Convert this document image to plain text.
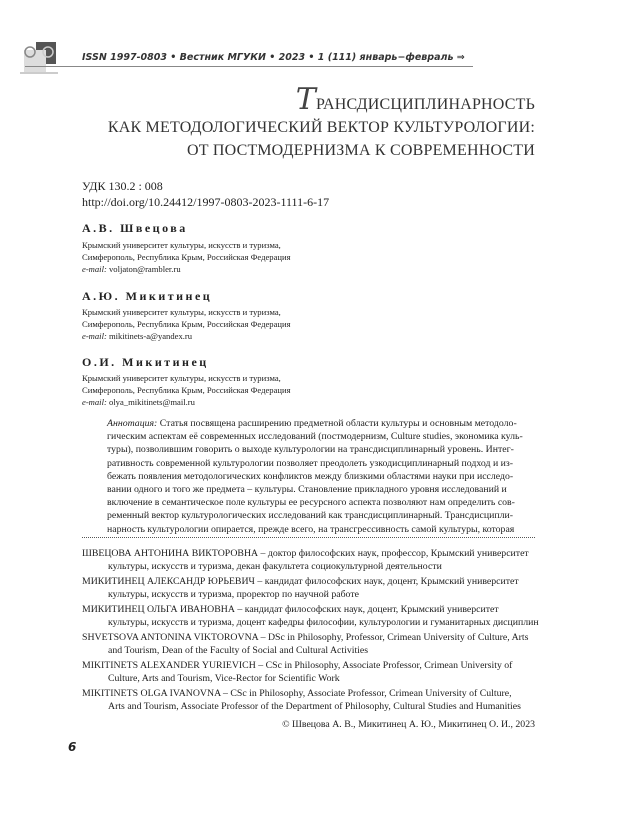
ISSN 1997-0803 • Вестник МГУКИ • 2023 • 1 (111) январь−февраль ⇒
ТРАНСДИСЦИПЛИНАРНОСТЬ
КАК МЕТОДОЛОГИЧЕСКИЙ ВЕКТОР КУЛЬТУРОЛОГИИ:
ОТ ПОСТМОДЕРНИЗМА К СОВРЕМЕННОСТИ
УДК 130.2 : 008
http://doi.org/10.24412/1997-0803-2023-1111-6-17
А.В. Швецова
Крымский университет культуры, искусств и туризма,
Симферополь, Республика Крым, Российская Федерация
e-mail: voljaton@rambler.ru
А.Ю. Микитинец
Крымский университет культуры, искусств и туризма,
Симферополь, Республика Крым, Российская Федерация
e-mail: mikitinets-a@yandex.ru
О.И. Микитинец
Крымский университет культуры, искусств и туризма,
Симферополь, Республика Крым, Российская Федерация
e-mail: olya_mikitinets@mail.ru
Аннотация: Статья посвящена расширению предметной области культуры и основным методоло-
гическим аспектам её современных исследований (постмодернизм, Culture studies, экономика куль-
туры), позволившим говорить о выходе культурологии на трансдисциплинарный уровень. Интег-
ративность современной культурологии позволяет преодолеть узкодисциплинарный подход и из-
бежать появления методологических конфликтов между близкими областями науки при исследо-
вании одного и того же предмета – культуры. Становление прикладного уровня исследований и
включение в семантическое поле культуры ее ресурсного аспекта позволяют нам определить сов-
ременный вектор культурологических исследований как трансдисциплинарный. Трансдисципли-
нарность культурологии опирается, прежде всего, на трансгрессивность самой культуры, которая
ШВЕЦОВА АНТОНИНА ВИКТОРОВНА – доктор философских наук, профессор, Крымский университет
культуры, искусств и туризма, декан факультета социокультурной деятельности
МИКИТИНЕЦ АЛЕКСАНДР ЮРЬЕВИЧ – кандидат философских наук, доцент, Крымский университет
культуры, искусств и туризма, проректор по научной работе
МИКИТИНЕЦ ОЛЬГА ИВАНОВНА – кандидат философских наук, доцент, Крымский университет
культуры, искусств и туризма, доцент кафедры философии, культурологии и гуманитарных дисциплин
SHVETSOVA ANTONINA VIKTOROVNA – DSc in Philosophy, Professor, Crimean University of Culture, Arts
and Tourism, Dean of the Faculty of Social and Cultural Activities
MIKITINETS ALEXANDER YURIEVICH – CSc in Philosophy, Associate Professor, Crimean University of
Culture, Arts and Tourism, Vice-Rector for Scientific Work
MIKITINETS OLGA IVANOVNA – CSc in Philosophy, Associate Professor, Crimean University of Culture,
Arts and Tourism, Associate Professor of the Department of Philosophy, Cultural Studies and Humanities
© Швецова А. В., Микитинец А. Ю., Микитинец О. И., 2023
6
